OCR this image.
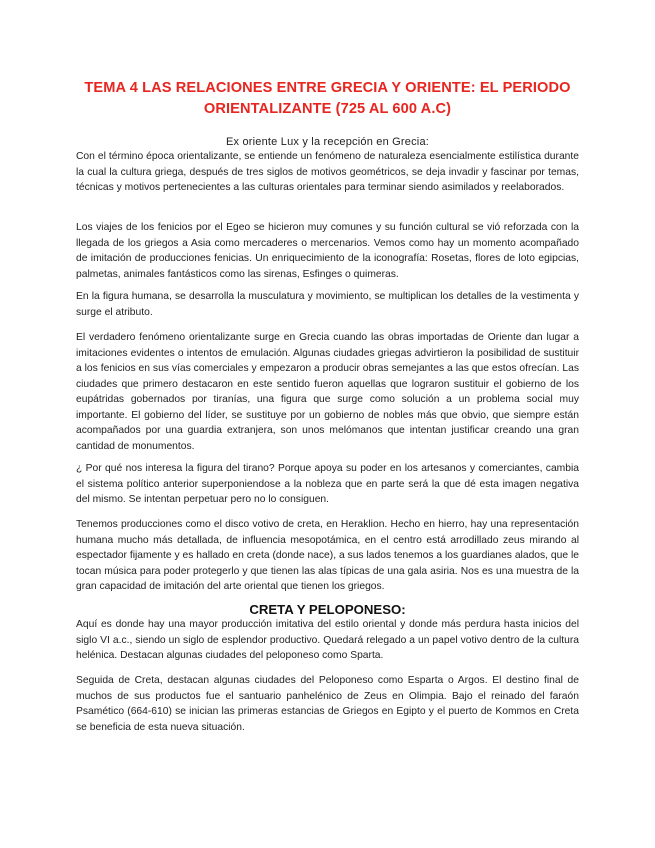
TEMA 4 LAS RELACIONES ENTRE GRECIA Y ORIENTE: EL PERIODO ORIENTALIZANTE (725 AL 600 A.C)
Ex oriente Lux y la recepción en Grecia:

Con el término época orientalizante, se entiende un fenómeno de naturaleza esencialmente estilística durante la cual la cultura griega, después de tres siglos de motivos geométricos, se deja invadir y fascinar por temas, técnicas y motivos pertenecientes a las culturas orientales para terminar siendo asimilados y reelaborados.

Los viajes de los fenicios por el Egeo se hicieron muy comunes y su función cultural se vió reforzada con la llegada de los griegos a Asia como mercaderes o mercenarios. Vemos como hay un momento acompañado de imitación de producciones fenicias. Un enriquecimiento de la iconografía: Rosetas, flores de loto egipcias, palmetas, animales fantásticos como las sirenas, Esfinges o quimeras.

En la figura humana, se desarrolla la musculatura y movimiento, se multiplican los detalles de la vestimenta y surge el atributo.

El verdadero fenómeno orientalizante surge en Grecia cuando las obras importadas de Oriente dan lugar a imitaciones evidentes o intentos de emulación. Algunas ciudades griegas advirtieron la posibilidad de sustituir a los fenicios en sus vías comerciales y empezaron a producir obras semejantes a las que estos ofrecían. Las ciudades que primero destacaron en este sentido fueron aquellas que lograron sustituir el gobierno de los eupátridas gobernados por tiranías, una figura que surge como solución a un problema social muy importante. El gobierno del líder, se sustituye por un gobierno de nobles más que obvio, que siempre están acompañados por una guardia extranjera, son unos melómanos que intentan justificar creando una gran cantidad de monumentos.

¿ Por qué nos interesa la figura del tirano? Porque apoya su poder en los artesanos y comerciantes, cambia el sistema político anterior superponiendose a la nobleza que en parte será la que dé esta imagen negativa del mismo. Se intentan perpetuar pero no lo consiguen.

Tenemos producciones como el disco votivo de creta, en Heraklion. Hecho en hierro, hay una representación humana mucho más detallada, de influencia mesopotámica, en el centro está arrodillado zeus mirando al espectador fijamente y es hallado en creta (donde nace), a sus lados tenemos a los guardianes alados, que le tocan música para poder protegerlo y que tienen las alas típicas de una gala asiria. Nos es una muestra de la gran capacidad de imitación del arte oriental que tienen los griegos.

CRETA Y PELOPONESO:

Aquí es donde hay una mayor producción imitativa del estilo oriental y donde más perdura hasta inicios del siglo VI a.c., siendo un siglo de esplendor productivo. Quedará relegado a un papel votivo dentro de la cultura helénica. Destacan algunas ciudades del peloponeso como Sparta.

Seguida de Creta, destacan algunas ciudades del Peloponeso como Esparta o Argos. El destino final de muchos de sus productos fue el santuario panhelénico de Zeus en Olimpia. Bajo el reinado del faraón Psamético (664-610) se inician las primeras estancias de Griegos en Egipto y el puerto de Kommos en Creta se beneficia de esta nueva situación.
